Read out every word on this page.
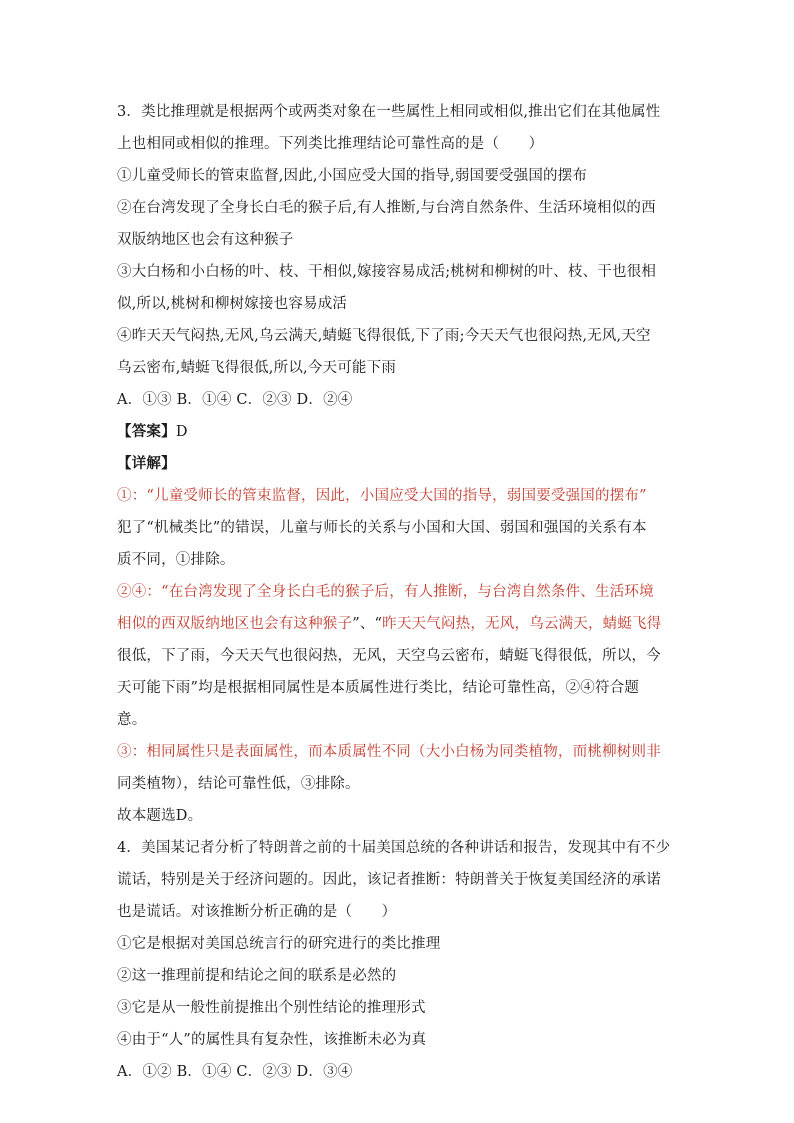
3．类比推理就是根据两个或两类对象在一些属性上相同或相似,推出它们在其他属性
上也相同或相似的推理。下列类比推理结论可靠性高的是（　　）
①儿童受师长的管束监督,因此,小国应受大国的指导,弱国要受强国的摆布
②在台湾发现了全身长白毛的猴子后,有人推断,与台湾自然条件、生活环境相似的西
双版纳地区也会有这种猴子
③大白杨和小白杨的叶、枝、干相似,嫁接容易成活;桃树和柳树的叶、枝、干也很相
似,所以,桃树和柳树嫁接也容易成活
④昨天天气闷热,无风,乌云满天,蜻蜓飞得很低,下了雨;今天天气也很闷热,无风,天空
乌云密布,蜻蜓飞得很低,所以,今天可能下雨
A．①③ B．①④ C．②③ D．②④
【答案】D
【详解】
①：“儿童受师长的管束监督，因此，小国应受大国的指导，弱国要受强国的摆布”
犯了“机械类比”的错误，儿童与师长的关系与小国和大国、弱国和强国的关系有本
质不同，①排除。
②④：“在台湾发现了全身长白毛的猴子后，有人推断，与台湾自然条件、生活环境
相似的西双版纳地区也会有这种猴子”、“昨天天气闷热，无风，乌云满天，蜻蜓飞得
很低，下了雨，今天天气也很闷热，无风，天空乌云密布，蜻蜓飞得很低，所以，今
天可能下雨”均是根据相同属性是本质属性进行类比，结论可靠性高，②④符合题
意。
③：相同属性只是表面属性，而本质属性不同（大小白杨为同类植物，而桃柳树则非
同类植物），结论可靠性低，③排除。
故本题选D。
4．美国某记者分析了特朗普之前的十届美国总统的各种讲话和报告，发现其中有不少
谎话，特别是关于经济问题的。因此，该记者推断：特朗普关于恢复美国经济的承诺
也是谎话。对该推断分析正确的是（　　）
①它是根据对美国总统言行的研究进行的类比推理
②这一推理前提和结论之间的联系是必然的
③它是从一般性前提推出个别性结论的推理形式
④由于“人”的属性具有复杂性，该推断未必为真
A．①② B．①④ C．②③ D．③④
